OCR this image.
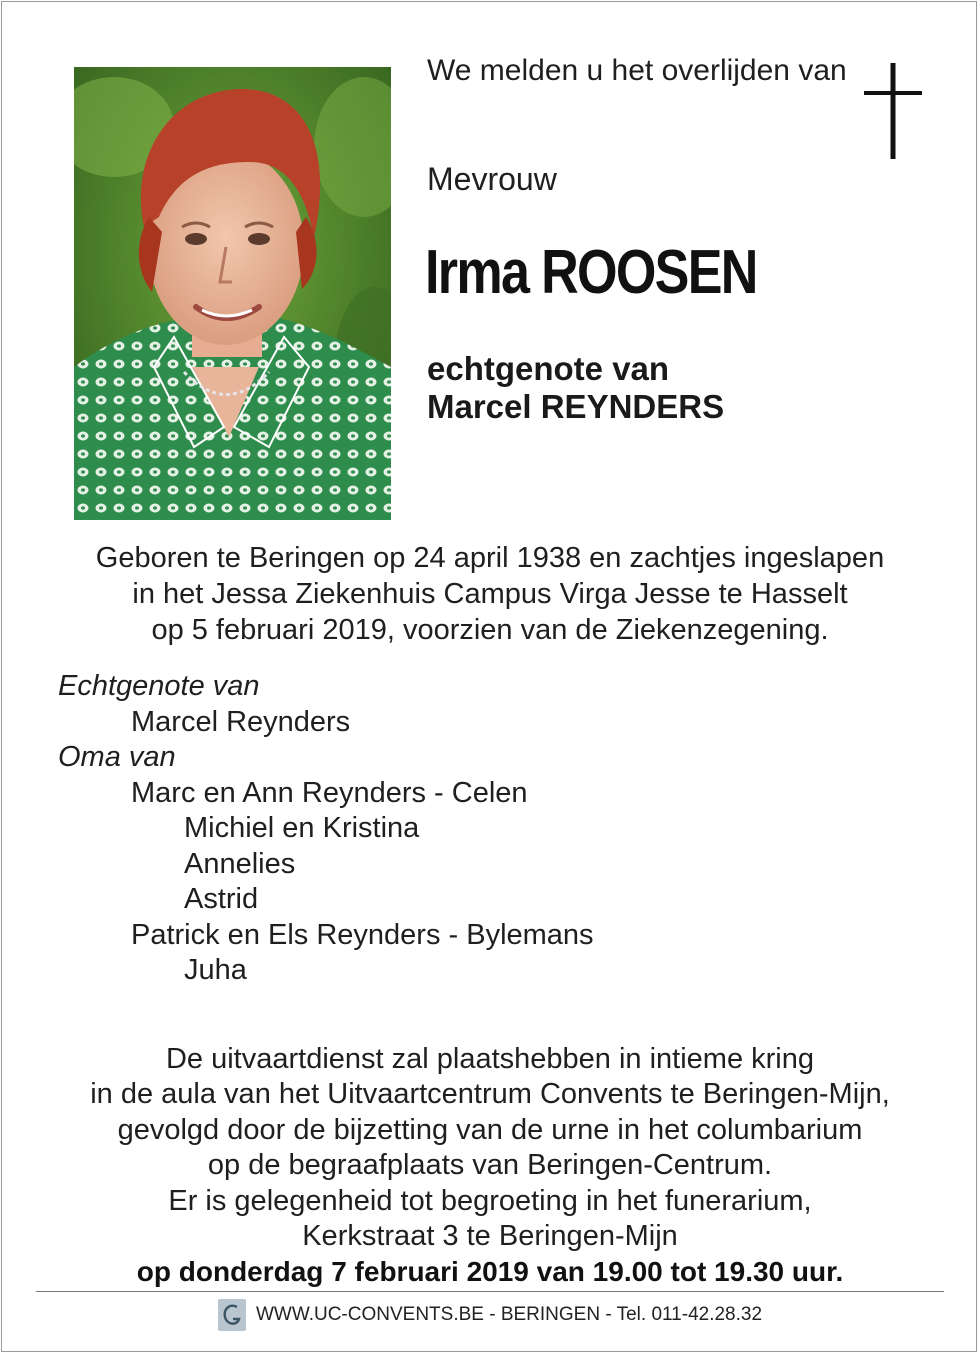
We melden u het overlijden van
Mevrouw
Irma ROOSEN
echtgenote van
Marcel REYNDERS
Geboren te Beringen op 24 april 1938 en zachtjes ingeslapen
in het Jessa Ziekenhuis Campus Virga Jesse te Hasselt
op 5 februari 2019, voorzien van de Ziekenzegening.
Echtgenote van
Marcel Reynders
Oma van
Marc en Ann Reynders - Celen
Michiel en Kristina
Annelies
Astrid
Patrick en Els Reynders - Bylemans
Juha
De uitvaartdienst zal plaatshebben in intieme kring
in de aula van het Uitvaartcentrum Convents te Beringen-Mijn,
gevolgd door de bijzetting van de urne in het columbarium
op de begraafplaats van Beringen-Centrum.
Er is gelegenheid tot begroeting in het funerarium,
Kerkstraat 3 te Beringen-Mijn
op donderdag 7 februari 2019 van 19.00 tot 19.30 uur.
WWW.UC-CONVENTS.BE - BERINGEN - Tel. 011-42.28.32
